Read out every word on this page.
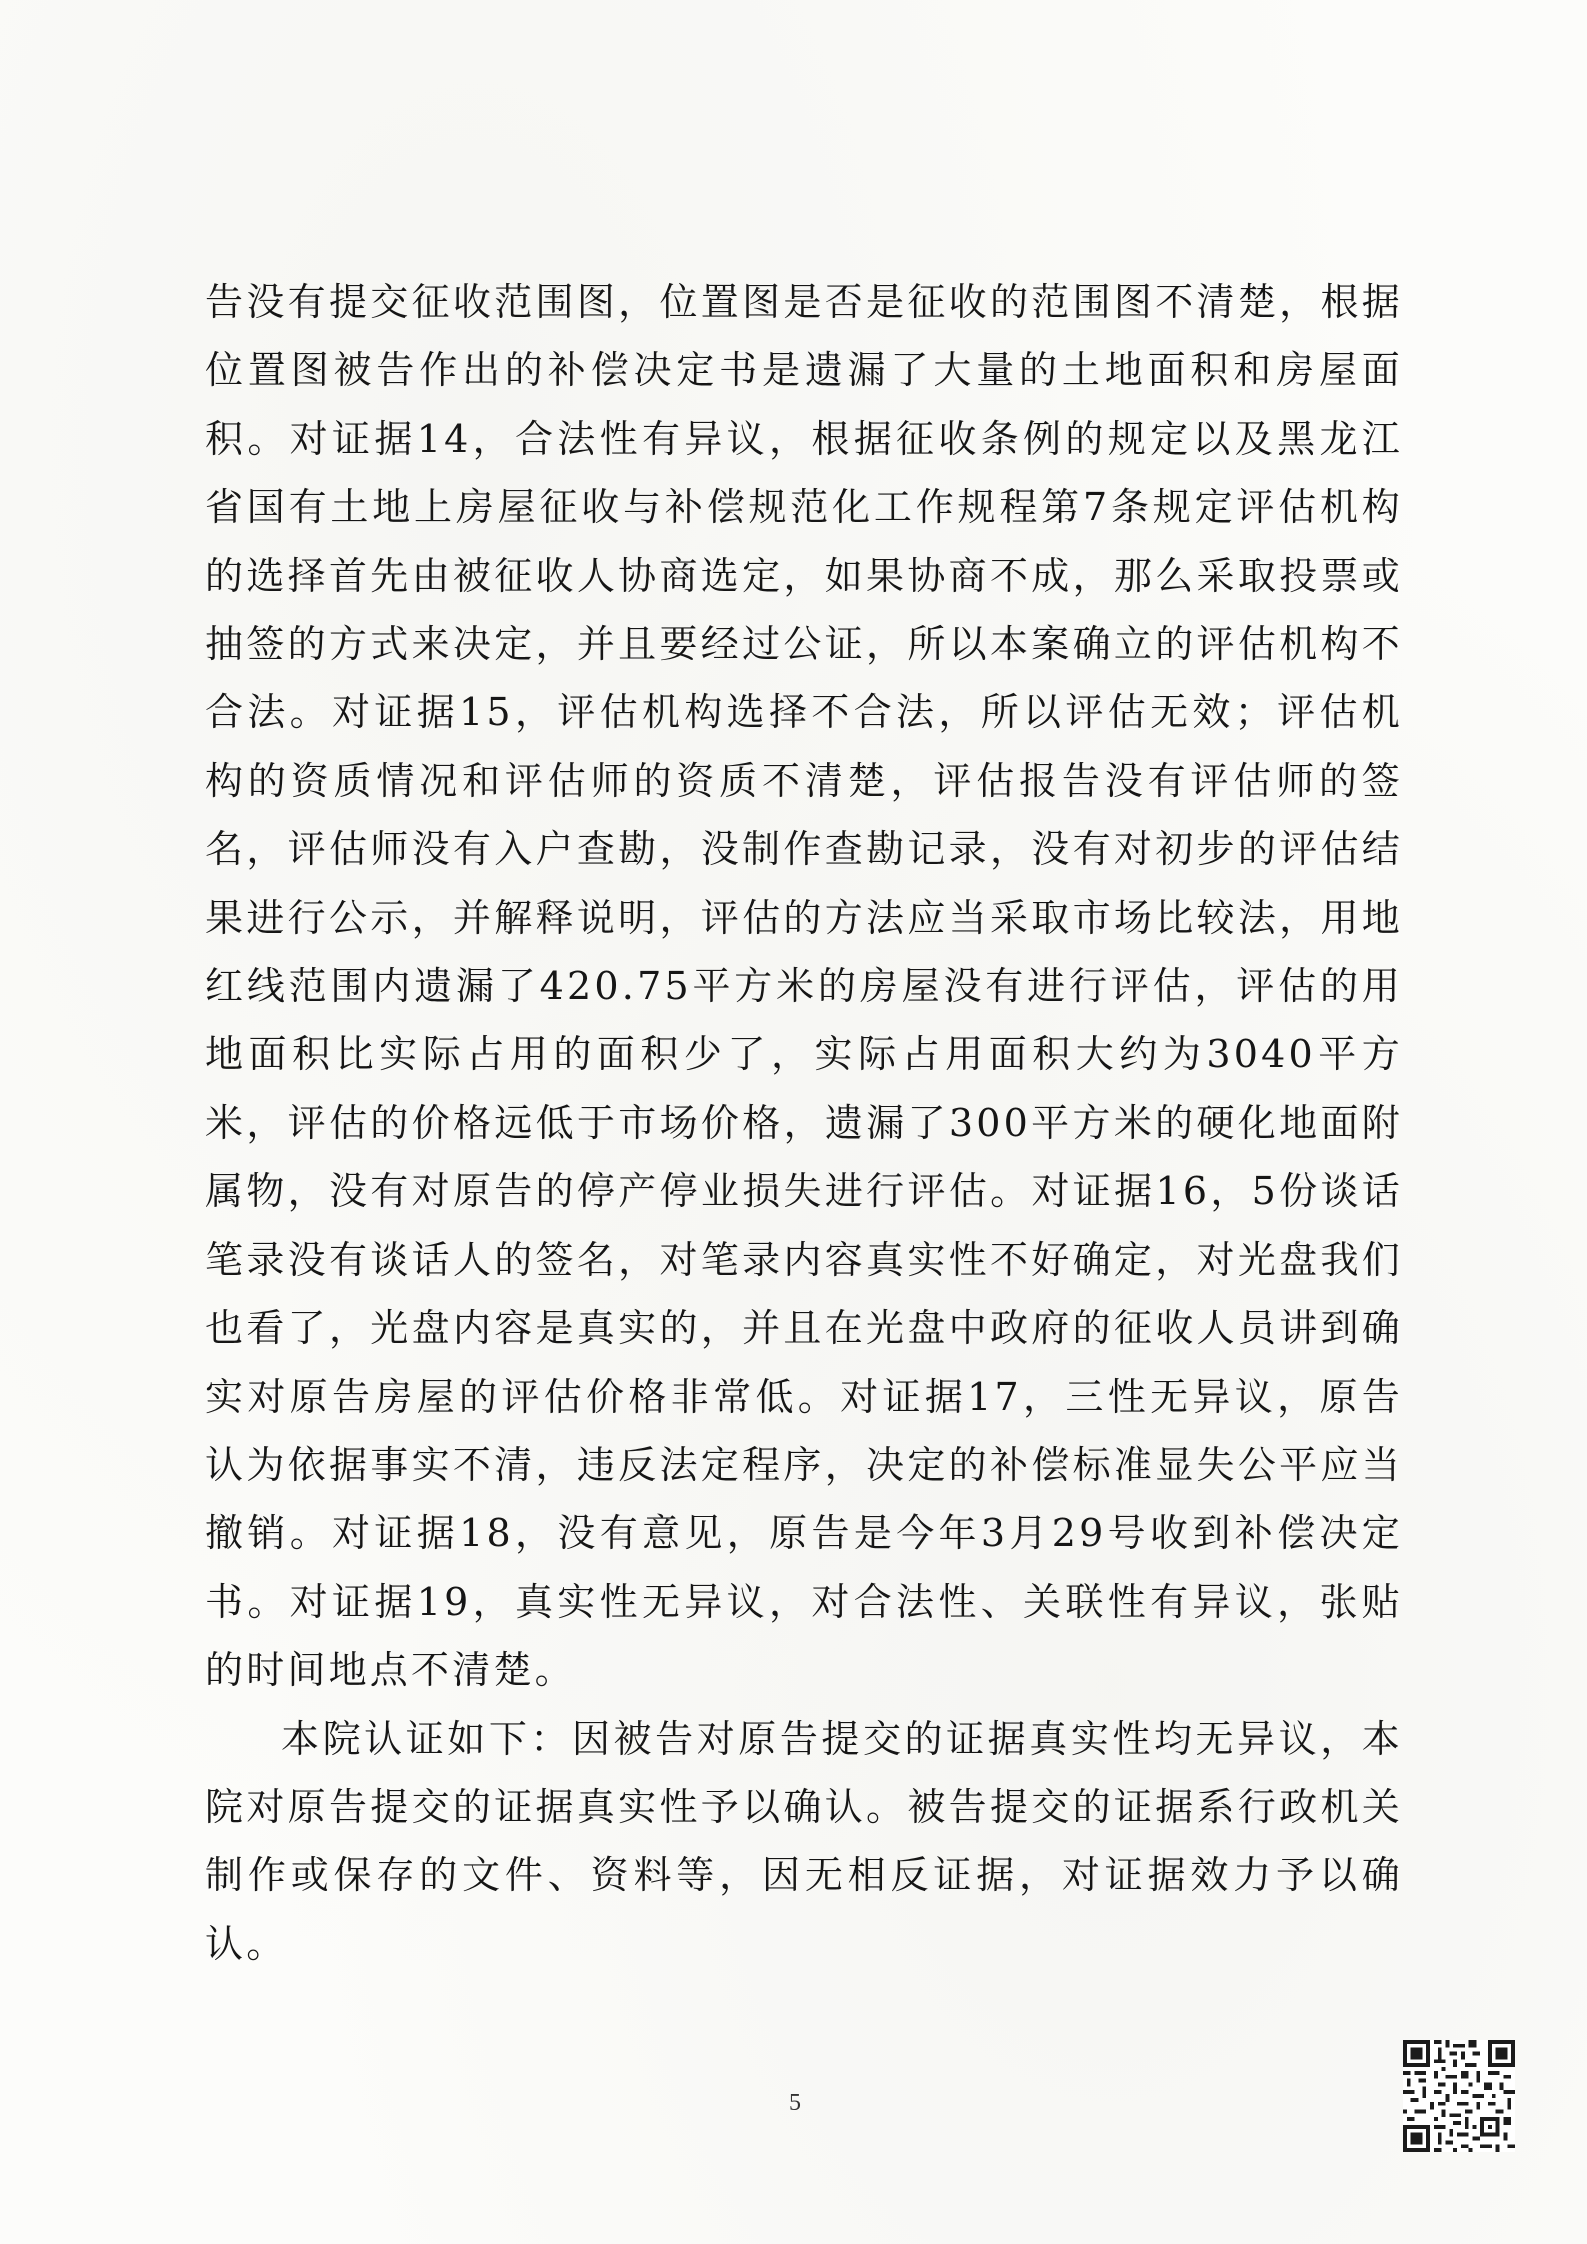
告没有提交征收范围图，位置图是否是征收的范围图不清楚，根据位置图被告作出的补偿决定书是遗漏了大量的土地面积和房屋面积。对证据14，合法性有异议，根据征收条例的规定以及黑龙江省国有土地上房屋征收与补偿规范化工作规程第7条规定评估机构的选择首先由被征收人协商选定，如果协商不成，那么采取投票或抽签的方式来决定，并且要经过公证，所以本案确立的评估机构不合法。对证据15，评估机构选择不合法，所以评估无效；评估机构的资质情况和评估师的资质不清楚，评估报告没有评估师的签名，评估师没有入户查勘，没制作查勘记录，没有对初步的评估结果进行公示，并解释说明，评估的方法应当采取市场比较法，用地红线范围内遗漏了420.75平方米的房屋没有进行评估，评估的用地面积比实际占用的面积少了，实际占用面积大约为3040平方米，评估的价格远低于市场价格，遗漏了300平方米的硬化地面附属物，没有对原告的停产停业损失进行评估。对证据16，5份谈话笔录没有谈话人的签名，对笔录内容真实性不好确定，对光盘我们也看了，光盘内容是真实的，并且在光盘中政府的征收人员讲到确实对原告房屋的评估价格非常低。对证据17，三性无异议，原告认为依据事实不清，违反法定程序，决定的补偿标准显失公平应当撤销。对证据18，没有意见，原告是今年3月29号收到补偿决定书。对证据19，真实性无异议，对合法性、关联性有异议，张贴的时间地点不清楚。

本院认证如下：因被告对原告提交的证据真实性均无异议，本院对原告提交的证据真实性予以确认。被告提交的证据系行政机关制作或保存的文件、资料等，因无相反证据，对证据效力予以确认。

5
